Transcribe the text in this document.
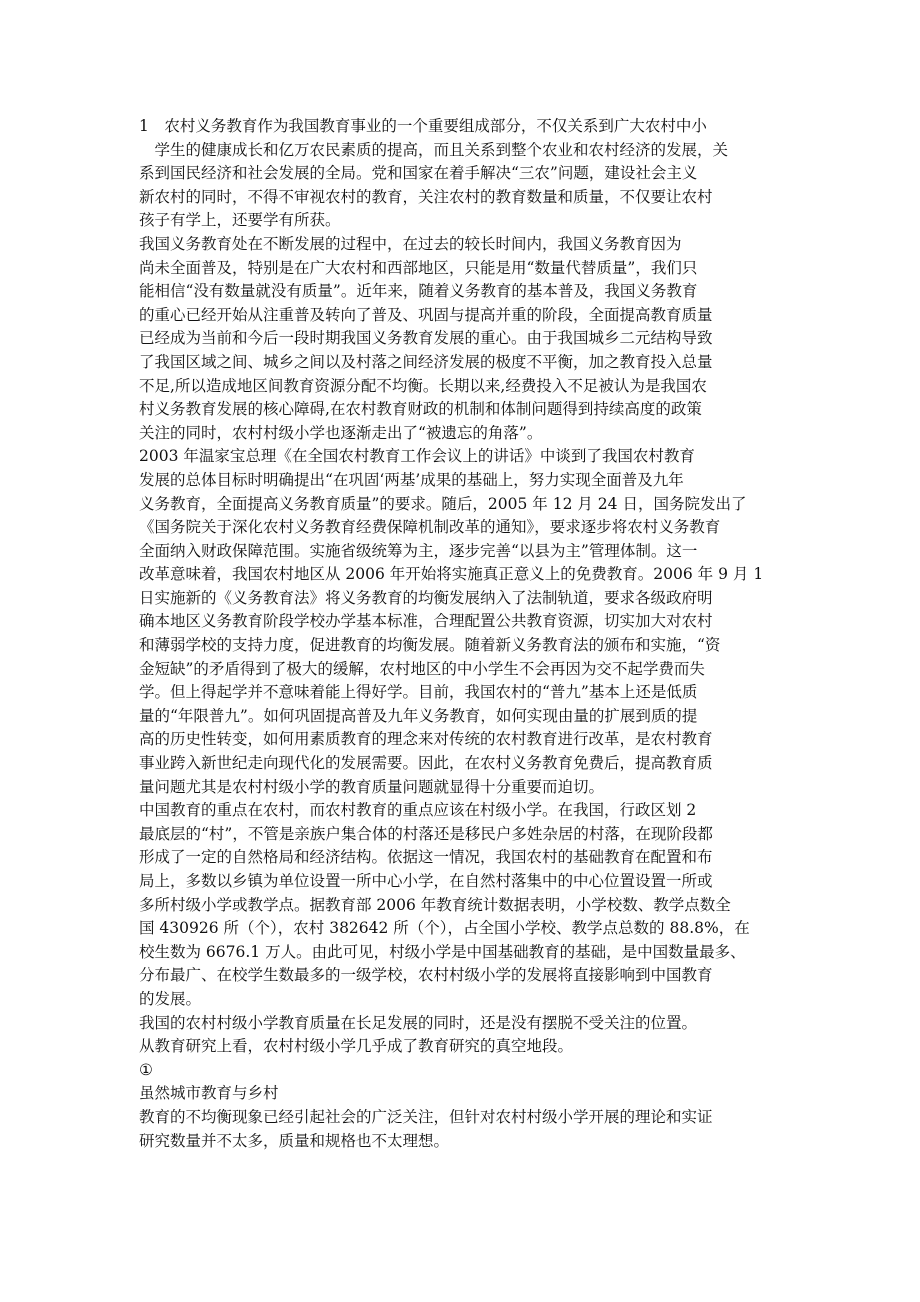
1　农村义务教育作为我国教育事业的一个重要组成部分，不仅关系到广大农村中小
　学生的健康成长和亿万农民素质的提高，而且关系到整个农业和农村经济的发展，关
系到国民经济和社会发展的全局。党和国家在着手解决“三农”问题，建设社会主义
新农村的同时，不得不审视农村的教育，关注农村的教育数量和质量，不仅要让农村
孩子有学上，还要学有所获。
我国义务教育处在不断发展的过程中，在过去的较长时间内，我国义务教育因为
尚未全面普及，特别是在广大农村和西部地区，只能是用“数量代替质量”，我们只
能相信“没有数量就没有质量”。近年来，随着义务教育的基本普及，我国义务教育
的重心已经开始从注重普及转向了普及、巩固与提高并重的阶段，全面提高教育质量
已经成为当前和今后一段时期我国义务教育发展的重心。由于我国城乡二元结构导致
了我国区域之间、城乡之间以及村落之间经济发展的极度不平衡，加之教育投入总量
不足,所以造成地区间教育资源分配不均衡。长期以来,经费投入不足被认为是我国农
村义务教育发展的核心障碍,在农村教育财政的机制和体制问题得到持续高度的政策
关注的同时，农村村级小学也逐渐走出了“被遗忘的角落”。
2003 年温家宝总理《在全国农村教育工作会议上的讲话》中谈到了我国农村教育
发展的总体目标时明确提出“在巩固‘两基’成果的基础上，努力实现全面普及九年
义务教育，全面提高义务教育质量”的要求。随后，2005 年 12 月 24 日，国务院发出了
《国务院关于深化农村义务教育经费保障机制改革的通知》，要求逐步将农村义务教育
全面纳入财政保障范围。实施省级统筹为主，逐步完善“以县为主”管理体制。这一
改革意味着，我国农村地区从 2006 年开始将实施真正意义上的免费教育。2006 年 9 月 1
日实施新的《义务教育法》将义务教育的均衡发展纳入了法制轨道，要求各级政府明
确本地区义务教育阶段学校办学基本标准，合理配置公共教育资源，切实加大对农村
和薄弱学校的支持力度，促进教育的均衡发展。随着新义务教育法的颁布和实施，“资
金短缺”的矛盾得到了极大的缓解，农村地区的中小学生不会再因为交不起学费而失
学。但上得起学并不意味着能上得好学。目前，我国农村的“普九”基本上还是低质
量的“年限普九”。如何巩固提高普及九年义务教育，如何实现由量的扩展到质的提
高的历史性转变，如何用素质教育的理念来对传统的农村教育进行改革，是农村教育
事业跨入新世纪走向现代化的发展需要。因此，在农村义务教育免费后，提高教育质
量问题尤其是农村村级小学的教育质量问题就显得十分重要而迫切。
中国教育的重点在农村，而农村教育的重点应该在村级小学。在我国，行政区划 2
最底层的“村”，不管是亲族户集合体的村落还是移民户多姓杂居的村落，在现阶段都
形成了一定的自然格局和经济结构。依据这一情况，我国农村的基础教育在配置和布
局上，多数以乡镇为单位设置一所中心小学，在自然村落集中的中心位置设置一所或
多所村级小学或教学点。据教育部 2006 年教育统计数据表明，小学校数、教学点数全
国 430926 所（个），农村 382642 所（个），占全国小学校、教学点总数的 88.8%，在
校生数为 6676.1 万人。由此可见，村级小学是中国基础教育的基础，是中国数量最多、
分布最广、在校学生数最多的一级学校，农村村级小学的发展将直接影响到中国教育
的发展。
我国的农村村级小学教育质量在长足发展的同时，还是没有摆脱不受关注的位置。
从教育研究上看，农村村级小学几乎成了教育研究的真空地段。
①
虽然城市教育与乡村
教育的不均衡现象已经引起社会的广泛关注，但针对农村村级小学开展的理论和实证
研究数量并不太多，质量和规格也不太理想。
